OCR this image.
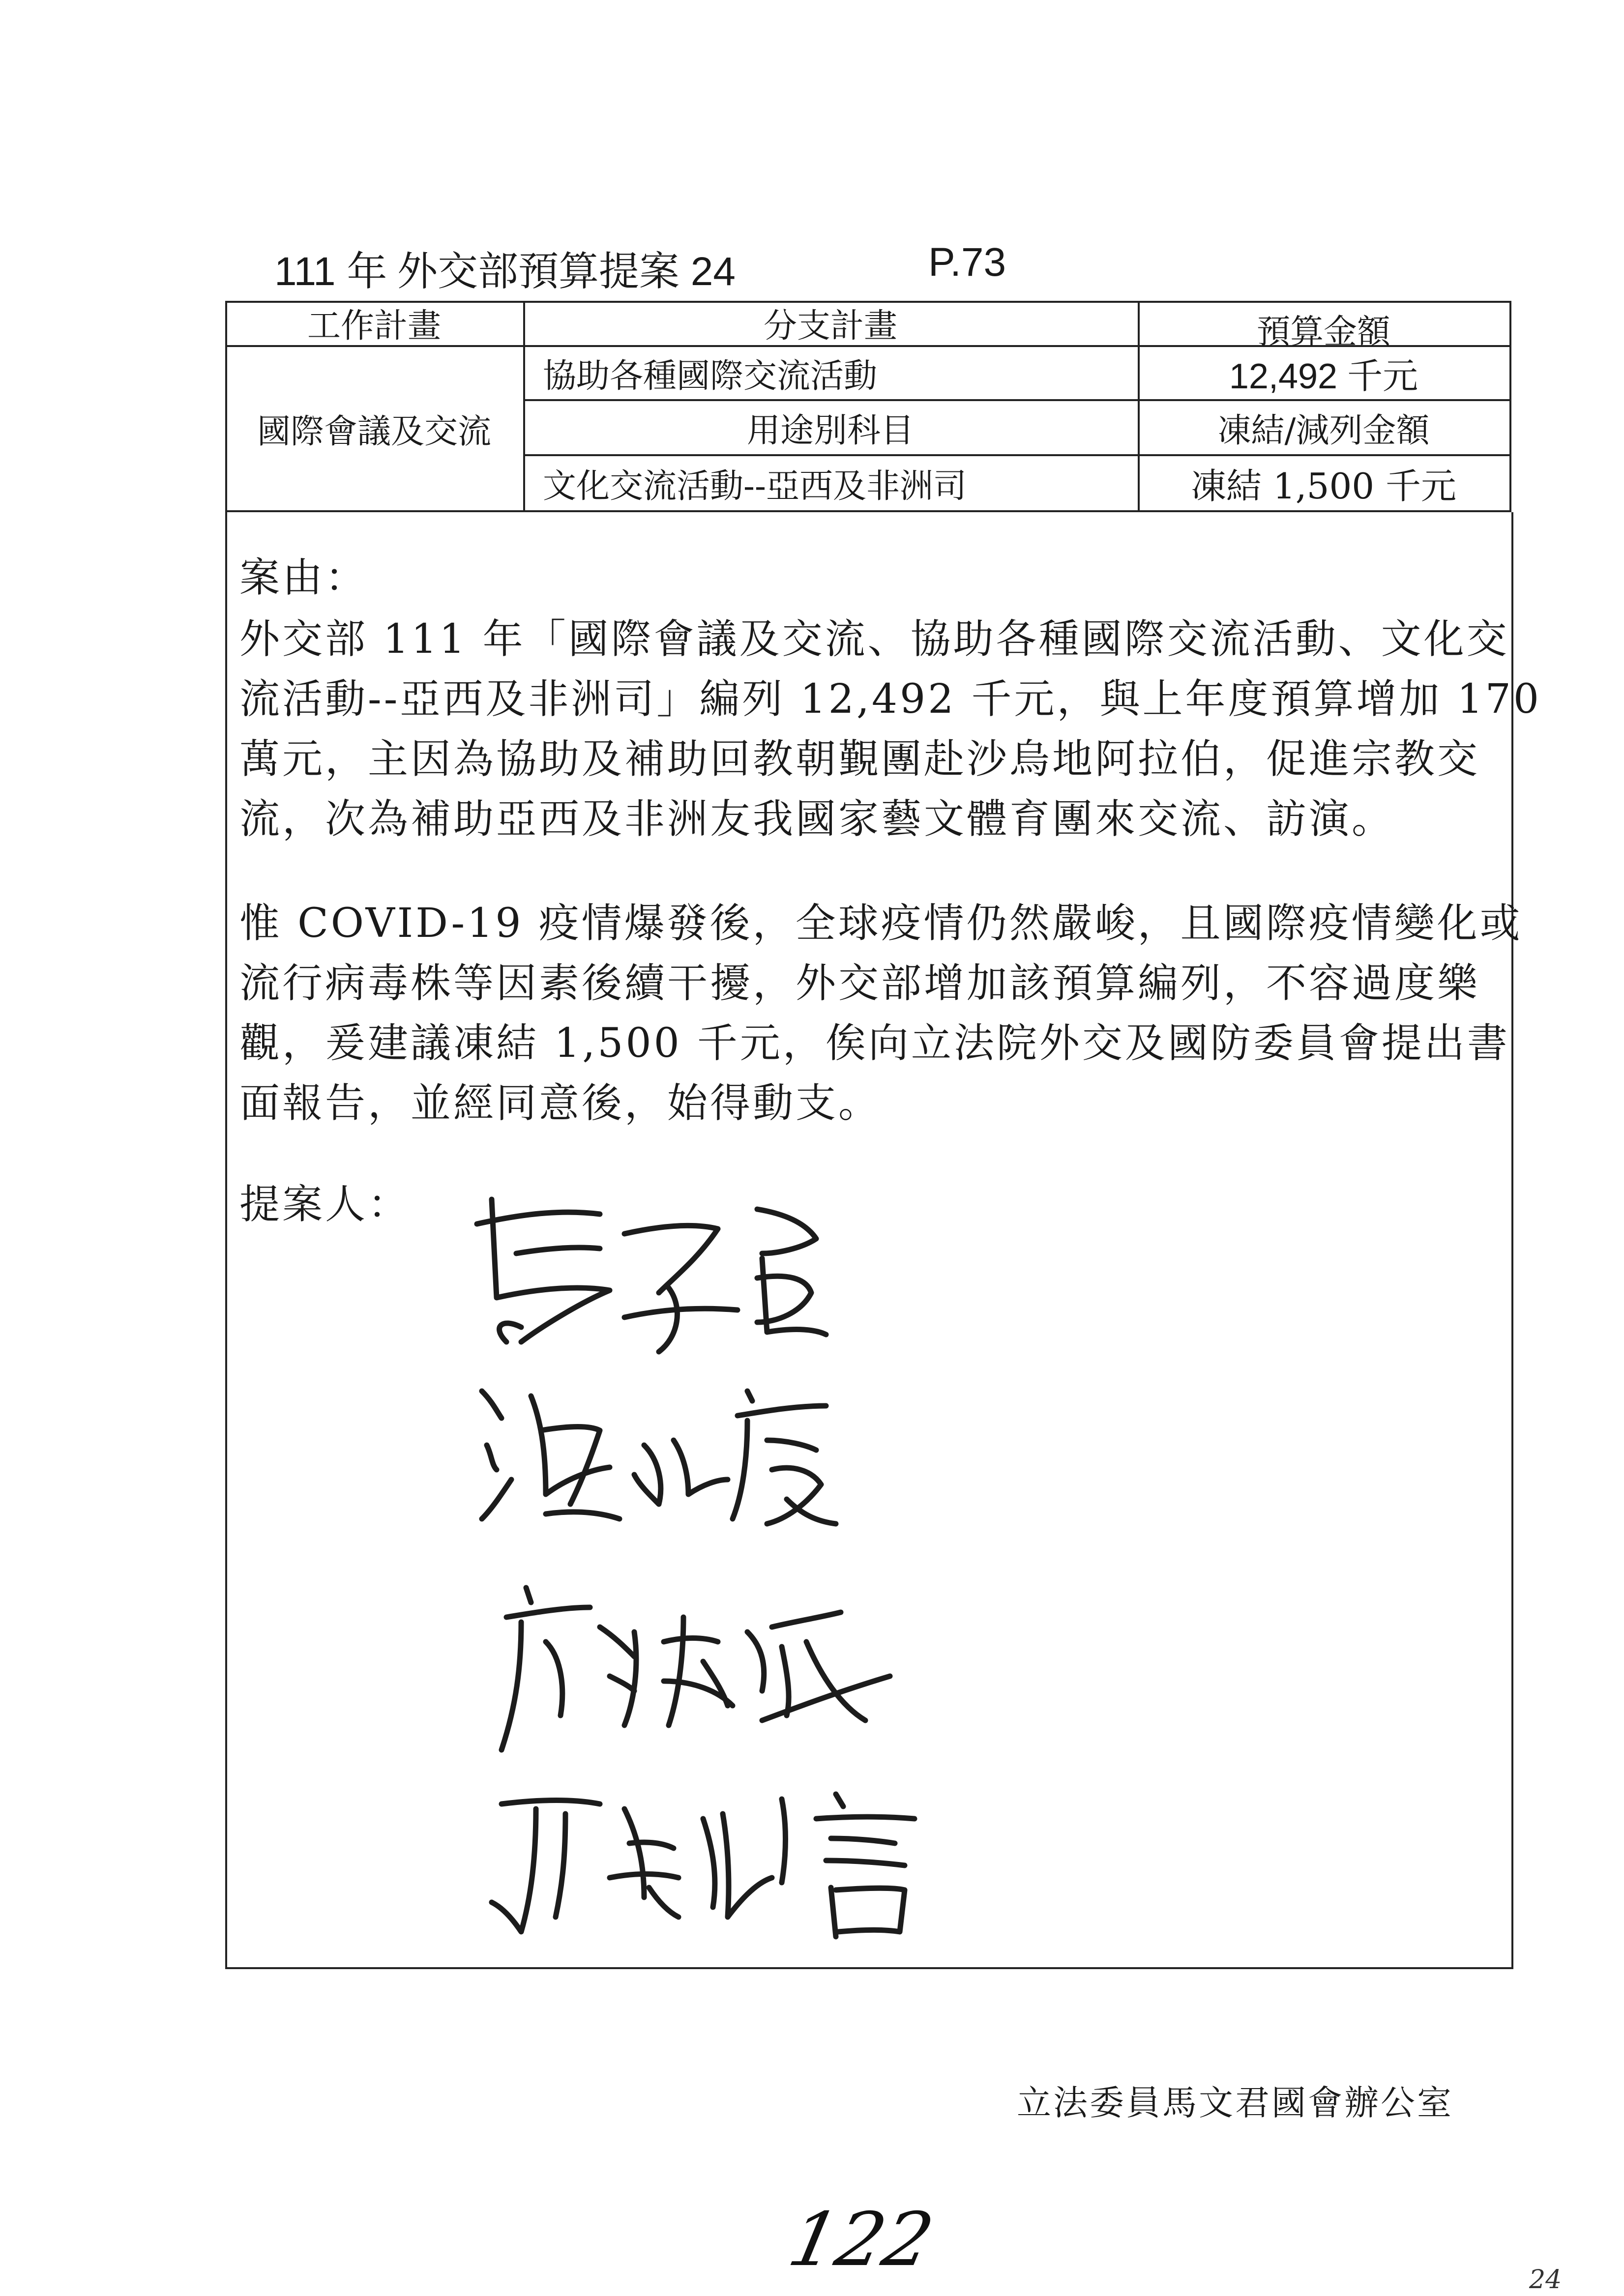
111 年 外交部預算提案 24	P.73
工作計畫	分支計畫	預算金額
國際會議及交流
協助各種國際交流活動	12,492 千元
用途別科目	凍結/減列金額
文化交流活動--亞西及非洲司	凍結 1,500 千元
案由：
外交部 111 年「國際會議及交流、協助各種國際交流活動、文化交
流活動--亞西及非洲司」編列 12,492 千元，與上年度預算增加 170
萬元，主因為協助及補助回教朝覲團赴沙烏地阿拉伯，促進宗教交
流，次為補助亞西及非洲友我國家藝文體育團來交流、訪演。
惟 COVID-19 疫情爆發後，全球疫情仍然嚴峻，且國際疫情變化或
流行病毒株等因素後續干擾，外交部增加該預算編列，不容過度樂
觀，爰建議凍結 1,500 千元，俟向立法院外交及國防委員會提出書
面報告，並經同意後，始得動支。
提案人：
立法委員馬文君國會辦公室
122	24
